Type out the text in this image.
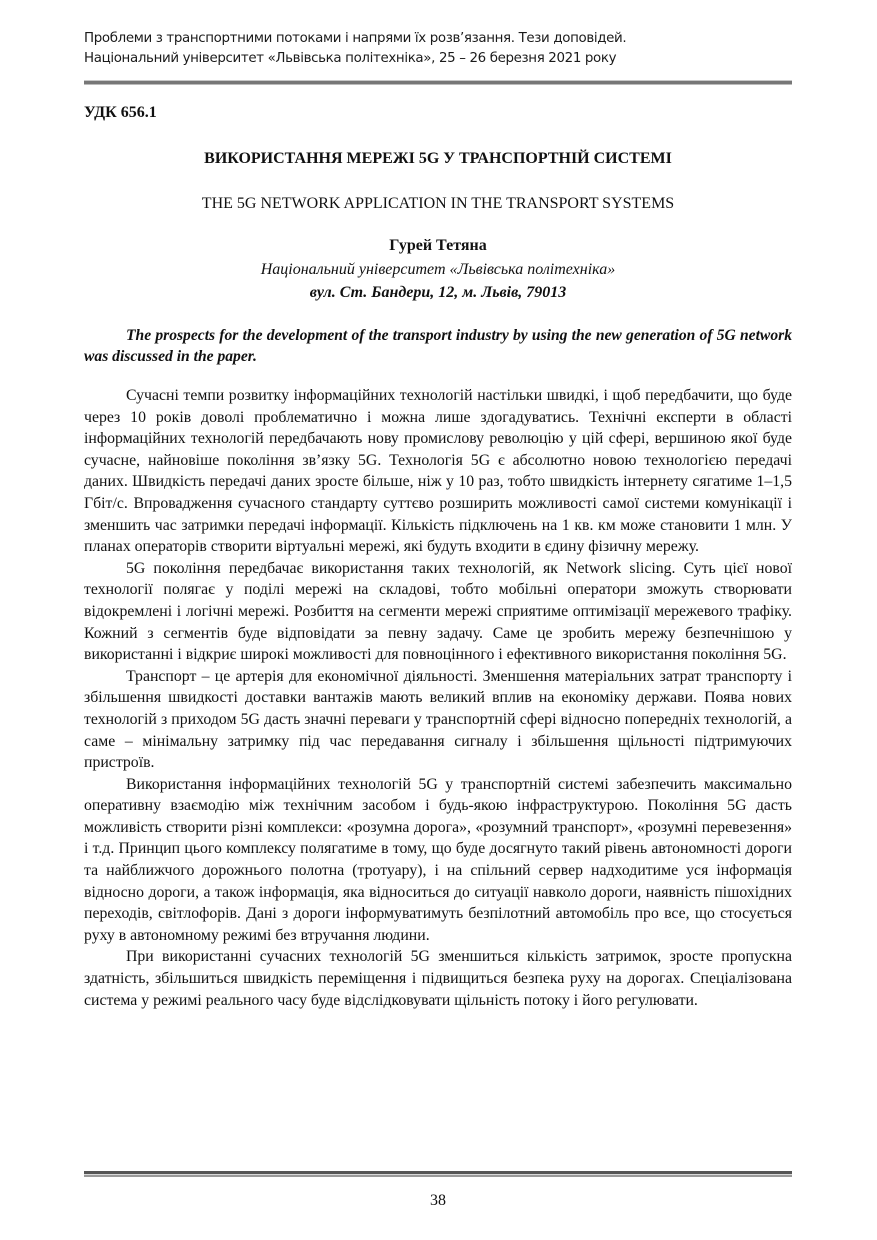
Проблеми з транспортними потоками і напрями їх розв’язання. Тези доповідей.
Національний університет «Львівська політехніка», 25 – 26 березня 2021 року
УДК 656.1
ВИКОРИСТАННЯ МЕРЕЖІ 5G У ТРАНСПОРТНІЙ СИСТЕМІ
THE 5G NETWORK APPLICATION IN THE TRANSPORT SYSTEMS
Гурей Тетяна
Національний університет «Львівська політехніка»
вул. Ст. Бандери, 12, м. Львів, 79013

The prospects for the development of the transport industry by using the new generation of 5G network was discussed in the paper.

Сучасні темпи розвитку інформаційних технологій настільки швидкі, і щоб передбачити, що буде через 10 років доволі проблематично і можна лише здогадуватись. Технічні експерти в області інформаційних технологій передбачають нову промислову революцію у цій сфері, вершиною якої буде сучасне, найновіше покоління зв’язку 5G. Технологія 5G є абсолютно новою технологією передачі даних. Швидкість передачі даних зросте більше, ніж у 10 раз, тобто швидкість інтернету сягатиме 1–1,5 Гбіт/с. Впровадження сучасного стандарту суттєво розширить можливості самої системи комунікації і зменшить час затримки передачі інформації. Кількість підключень на 1 кв. км може становити 1 млн. У планах операторів створити віртуальні мережі, які будуть входити в єдину фізичну мережу.

5G покоління передбачає використання таких технологій, як Network slicing. Суть цієї нової технології полягає у поділі мережі на складові, тобто мобільні оператори зможуть створювати відокремлені і логічні мережі. Розбиття на сегменти мережі сприятиме оптимізації мережевого трафіку. Кожний з сегментів буде відповідати за певну задачу. Саме це зробить мережу безпечнішою у використанні і відкриє широкі можливості для повноцінного і ефективного використання покоління 5G.

Транспорт – це артерія для економічної діяльності. Зменшення матеріальних затрат транспорту і збільшення швидкості доставки вантажів мають великий вплив на економіку держави. Поява нових технологій з приходом 5G дасть значні переваги у транспортній сфері відносно попередніх технологій, а саме – мінімальну затримку під час передавання сигналу і збільшення щільності підтримуючих пристроїв.

Використання інформаційних технологій 5G у транспортній системі забезпечить максимально оперативну взаємодію між технічним засобом і будь-якою інфраструктурою. Покоління 5G дасть можливість створити різні комплекси: «розумна дорога», «розумний транспорт», «розумні перевезення» і т.д. Принцип цього комплексу полягатиме в тому, що буде досягнуто такий рівень автономності дороги та найближчого дорожнього полотна (тротуару), і на спільний сервер надходитиме уся інформація відносно дороги, а також інформація, яка відноситься до ситуації навколо дороги, наявність пішохідних переходів, світлофорів. Дані з дороги інформуватимуть безпілотний автомобіль про все, що стосується руху в автономному режимі без втручання людини.

При використанні сучасних технологій 5G зменшиться кількість затримок, зросте пропускна здатність, збільшиться швидкість переміщення і підвищиться безпека руху на дорогах. Спеціалізована система у режимі реального часу буде відслідковувати щільність потоку і його регулювати.

38
